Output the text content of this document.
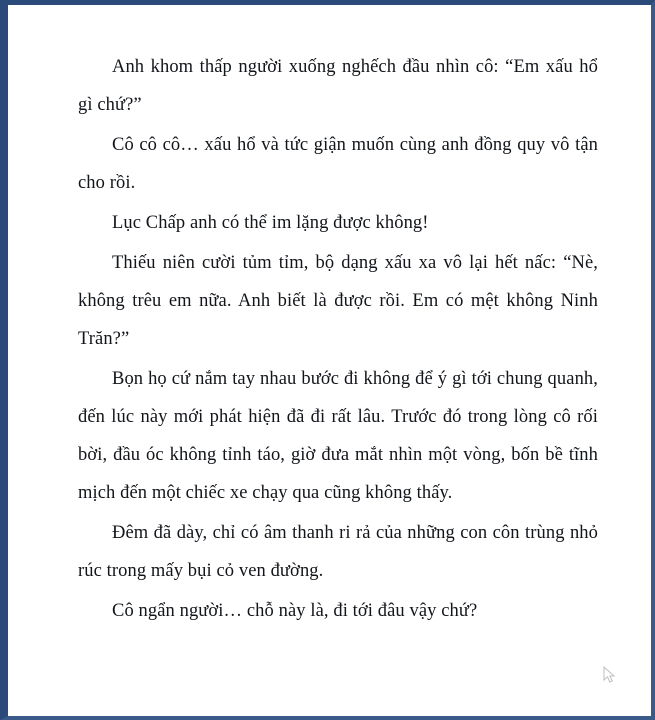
Anh khom thấp người xuống nghếch đầu nhìn cô: “Em xấu hổ gì chứ?”

Cô cô cô… xấu hổ và tức giận muốn cùng anh đồng quy vô tận cho rồi.

Lục Chấp anh có thể im lặng được không!

Thiếu niên cười tủm tỉm, bộ dạng xấu xa vô lại hết nấc: “Nè, không trêu em nữa. Anh biết là được rồi. Em có mệt không Ninh Trăn?”

Bọn họ cứ nắm tay nhau bước đi không để ý gì tới chung quanh, đến lúc này mới phát hiện đã đi rất lâu. Trước đó trong lòng cô rối bời, đầu óc không tỉnh táo, giờ đưa mắt nhìn một vòng, bốn bề tĩnh mịch đến một chiếc xe chạy qua cũng không thấy.

Đêm đã dày, chỉ có âm thanh ri rả của những con côn trùng nhỏ rúc trong mấy bụi cỏ ven đường.

Cô ngẩn người… chỗ này là, đi tới đâu vậy chứ?
